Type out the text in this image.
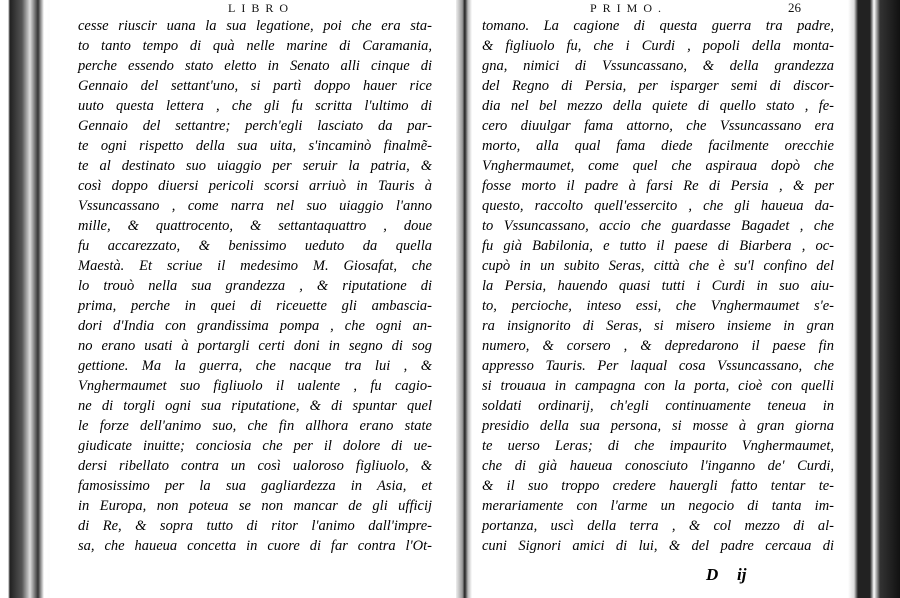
LIBRO	PRIMO.	26
cesse riuscir uana la sua legatione, poi che era sta-
to tanto tempo di quà nelle marine di Caramania,
perche essendo stato eletto in Senato alli cinque di
Gennaio del settant'uno, si partì doppo hauer rice
uuto questa lettera , che gli fu scritta l'ultimo di
Gennaio del settantre; perch'egli lasciato da par-
te ogni rispetto della sua uita, s'incaminò finalmẽ-
te al destinato suo uiaggio per seruir la patria, &
così doppo diuersi pericoli scorsi arriuò in Tauris à
Vssuncassano , come narra nel suo uiaggio l'anno
mille, & quattrocento, & settantaquattro , doue
fu accarezzato, & benissimo ueduto da quella
Maestà. Et scriue il medesimo M. Giosafat, che
lo trouò nella sua grandezza , & riputatione di
prima, perche in quei di riceuette gli ambascia-
dori d'India con grandissima pompa , che ogni an-
no erano usati à portargli certi doni in segno di sog
gettione. Ma la guerra, che nacque tra lui , &
Vnghermaumet suo figliuolo il ualente , fu cagio-
ne di torgli ogni sua riputatione, & di spuntar quel
le forze dell'animo suo, che fin allhora erano state
giudicate inuitte; conciosia che per il dolore di ue-
dersi ribellato contra un così ualoroso figliuolo, &
famosissimo per la sua gagliardezza in Asia, et
in Europa, non poteua se non mancar de gli ufficij
di Re, & sopra tutto di ritor l'animo dall'impre-
sa, che haueua concetta in cuore di far contra l'Ot-
tomano. La cagione di questa guerra tra padre,
& figliuolo fu, che i Curdi , popoli della monta-
gna, nimici di Vssuncassano, & della grandezza
del Regno di Persia, per isparger semi di discor-
dia nel bel mezzo della quiete di quello stato , fe-
cero diuulgar fama attorno, che Vssuncassano era
morto, alla qual fama diede facilmente orecchie
Vnghermaumet, come quel che aspiraua dopò che
fosse morto il padre à farsi Re di Persia , & per
questo, raccolto quell'essercito , che gli haueua da-
to Vssuncassano, accio che guardasse Bagadet , che
fu già Babilonia, e tutto il paese di Biarbera , oc-
cupò in un subito Seras, città che è su'l confino del
la Persia, hauendo quasi tutti i Curdi in suo aiu-
to, percioche, inteso essi, che Vnghermaumet s'e-
ra insignorito di Seras, si misero insieme in gran
numero, & corsero , & depredarono il paese fin
appresso Tauris. Per laqual cosa Vssuncassano, che
si trouaua in campagna con la porta, cioè con quelli
soldati ordinarij, ch'egli continuamente teneua in
presidio della sua persona, si mosse à gran giorna
te uerso Leras; di che impaurito Vnghermaumet,
che di già haueua conosciuto l'inganno de' Curdi,
& il suo troppo credere hauergli fatto tentar te-
merariamente con l'arme un negocio di tanta im-
portanza, uscì della terra , & col mezzo di al-
cuni Signori amici di lui, & del padre cercaua di
D ij
